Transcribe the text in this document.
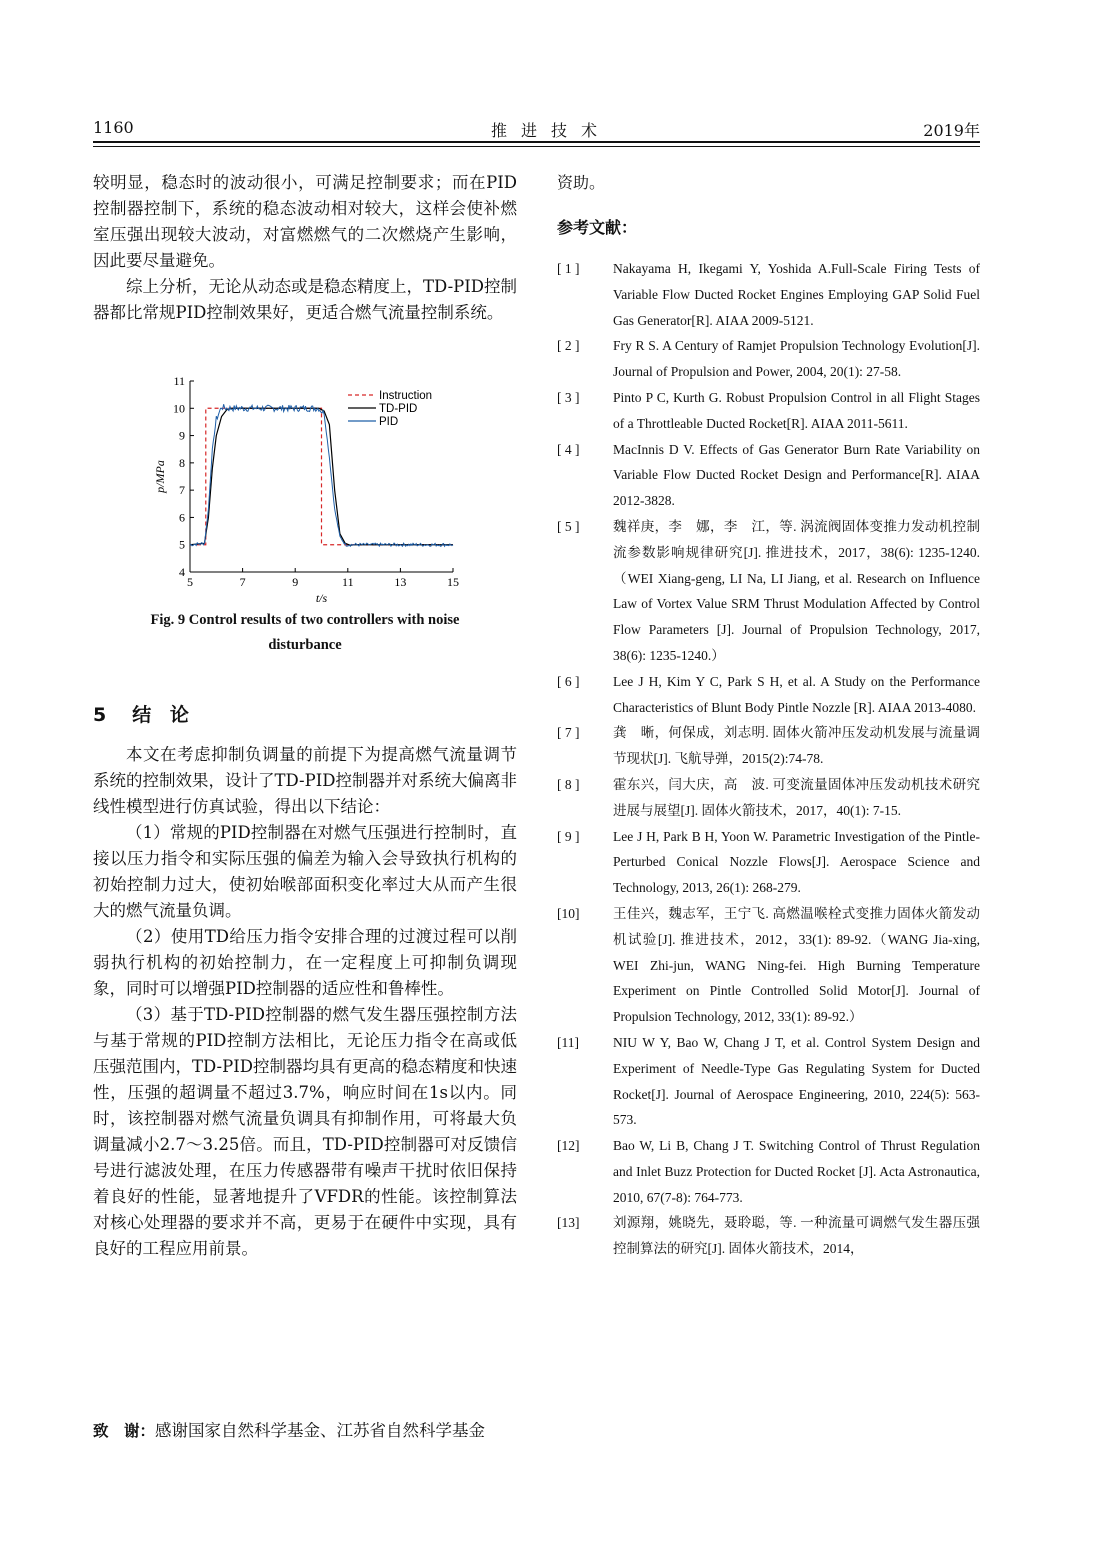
1160	推进技术	2019年

较明显，稳态时的波动很小，可满足控制要求；而在PID控制器控制下，系统的稳态波动相对较大，这样会使补燃室压强出现较大波动，对富燃燃气的二次燃烧产生影响，因此要尽量避免。

综上分析，无论从动态或是稳态精度上，TD-PID控制器都比常规PID控制效果好，更适合燃气流量控制系统。

5	7	9	11	13	15
4
5
6
7
8
9
10
11
t/s
p/MPa
Instruction
TD-PID
PID
Fig. 9 Control results of two controllers with noise disturbance
5 结 论

本文在考虑抑制负调量的前提下为提高燃气流量调节系统的控制效果，设计了TD-PID控制器并对系统大偏离非线性模型进行仿真试验，得出以下结论：

（1）常规的PID控制器在对燃气压强进行控制时，直接以压力指令和实际压强的偏差为输入会导致执行机构的初始控制力过大，使初始喉部面积变化率过大从而产生很大的燃气流量负调。

（2）使用TD给压力指令安排合理的过渡过程可以削弱执行机构的初始控制力，在一定程度上可抑制负调现象，同时可以增强PID控制器的适应性和鲁棒性。

（3）基于TD-PID控制器的燃气发生器压强控制方法与基于常规的PID控制方法相比，无论压力指令在高或低压强范围内，TD-PID控制器均具有更高的稳态精度和快速性，压强的超调量不超过3.7%，响应时间在1s以内。同时，该控制器对燃气流量负调具有抑制作用，可将最大负调量减小2.7～3.25倍。而且，TD-PID控制器可对反馈信号进行滤波处理，在压力传感器带有噪声干扰时依旧保持着良好的性能，显著地提升了VFDR的性能。该控制算法对核心处理器的要求并不高，更易于在硬件中实现，具有良好的工程应用前景。

致　谢：感谢国家自然科学基金、江苏省自然科学基金
资助。
参考文献：
[ 1 ]	Nakayama H, Ikegami Y, Yoshida A.Full-Scale Firing Tests of Variable Flow Ducted Rocket Engines Employing GAP Solid Fuel Gas Generator[R]. AIAA 2009-5121.
[ 2 ]	Fry R S. A Century of Ramjet Propulsion Technology Evolution[J]. Journal of Propulsion and Power, 2004, 20(1): 27-58.
[ 3 ]	Pinto P C, Kurth G. Robust Propulsion Control in all Flight Stages of a Throttleable Ducted Rocket[R]. AIAA 2011-5611.
[ 4 ]	MacInnis D V. Effects of Gas Generator Burn Rate Variability on Variable Flow Ducted Rocket Design and Performance[R]. AIAA 2012-3828.
[ 5 ]	魏祥庚，李　娜，李　江，等. 涡流阀固体变推力发动机控制流参数影响规律研究[J]. 推进技术，2017，38(6): 1235-1240.（WEI Xiang-geng, LI Na, LI Jiang, et al. Research on Influence Law of Vortex Value SRM Thrust Modulation Affected by Control Flow Parameters [J]. Journal of Propulsion Technology, 2017, 38(6): 1235-1240.）
[ 6 ]	Lee J H, Kim Y C, Park S H, et al. A Study on the Performance Characteristics of Blunt Body Pintle Nozzle [R]. AIAA 2013-4080.
[ 7 ]	龚　晰，何保成，刘志明. 固体火箭冲压发动机发展与流量调节现状[J]. 飞航导弹，2015(2):74-78.
[ 8 ]	霍东兴，闫大庆，高　波. 可变流量固体冲压发动机技术研究进展与展望[J]. 固体火箭技术，2017，40(1): 7-15.
[ 9 ]	Lee J H, Park B H, Yoon W. Parametric Investigation of the Pintle-Perturbed Conical Nozzle Flows[J]. Aerospace Science and Technology, 2013, 26(1): 268-279.
[10]	王佳兴，魏志军，王宁飞. 高燃温喉栓式变推力固体火箭发动机试验[J]. 推进技术，2012，33(1): 89-92.（WANG Jia-xing, WEI Zhi-jun, WANG Ning-fei. High Burning Temperature Experiment on Pintle Controlled Solid Motor[J]. Journal of Propulsion Technology, 2012, 33(1): 89-92.）
[11]	NIU W Y, Bao W, Chang J T, et al. Control System Design and Experiment of Needle-Type Gas Regulating System for Ducted Rocket[J]. Journal of Aerospace Engineering, 2010, 224(5): 563-573.
[12]	Bao W, Li B, Chang J T. Switching Control of Thrust Regulation and Inlet Buzz Protection for Ducted Rocket [J]. Acta Astronautica, 2010, 67(7-8): 764-773.
[13]	刘源翔，姚晓先，聂聆聪，等. 一种流量可调燃气发生器压强控制算法的研究[J]. 固体火箭技术，2014，
